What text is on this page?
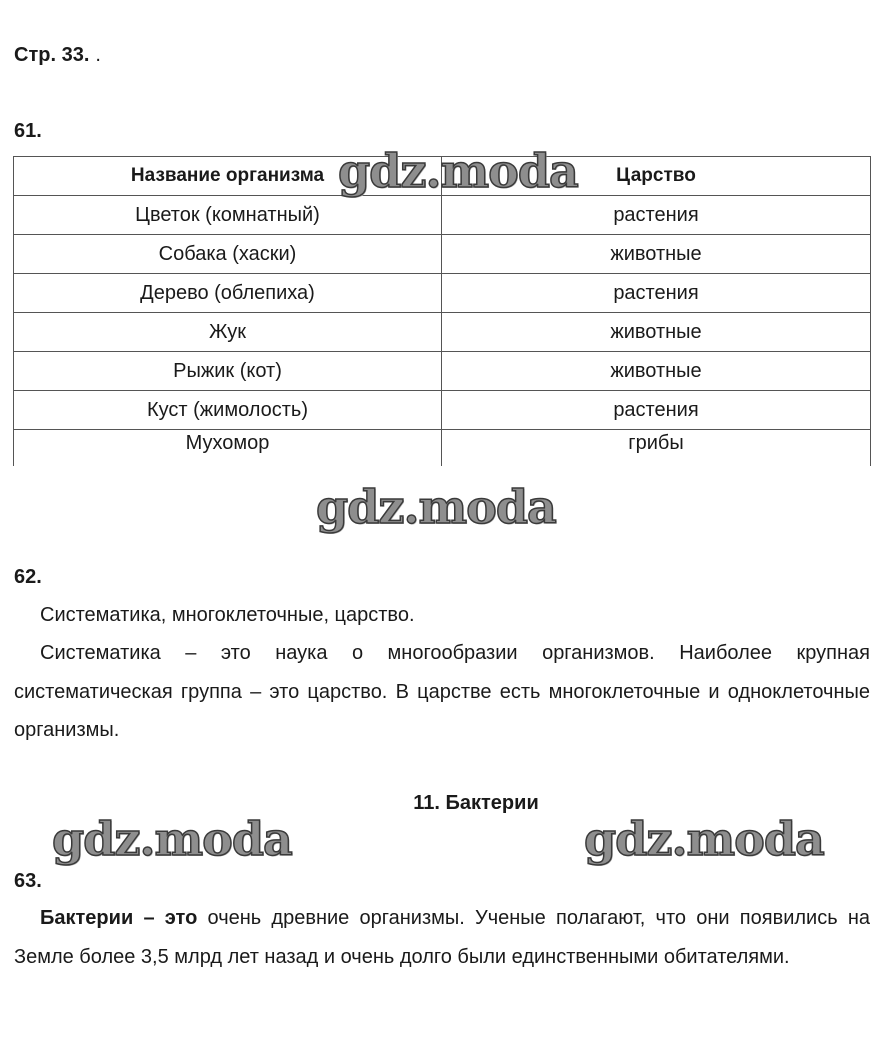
Стр. 33. .
61.
Название организма	Царство
Цветок (комнатный)	растения
Собака (хаски)	животные
Дерево (облепиха)	растения
Жук	животные
Рыжик (кот)	животные
Куст (жимолость)	растения
Мухомор	грибы
62.

Систематика, многоклеточные, царство.

Систематика – это наука о многообразии организмов. Наиболее крупная систематическая группа – это царство. В царстве есть многоклеточные и одноклеточные организмы.

11. Бактерии
63.

Бактерии – это очень древние организмы. Ученые полагают, что они появились на Земле более 3,5 млрд лет назад и очень долго были единственными обитателями.

gdz.moda
gdz.moda
gdz.moda	gdz.moda
